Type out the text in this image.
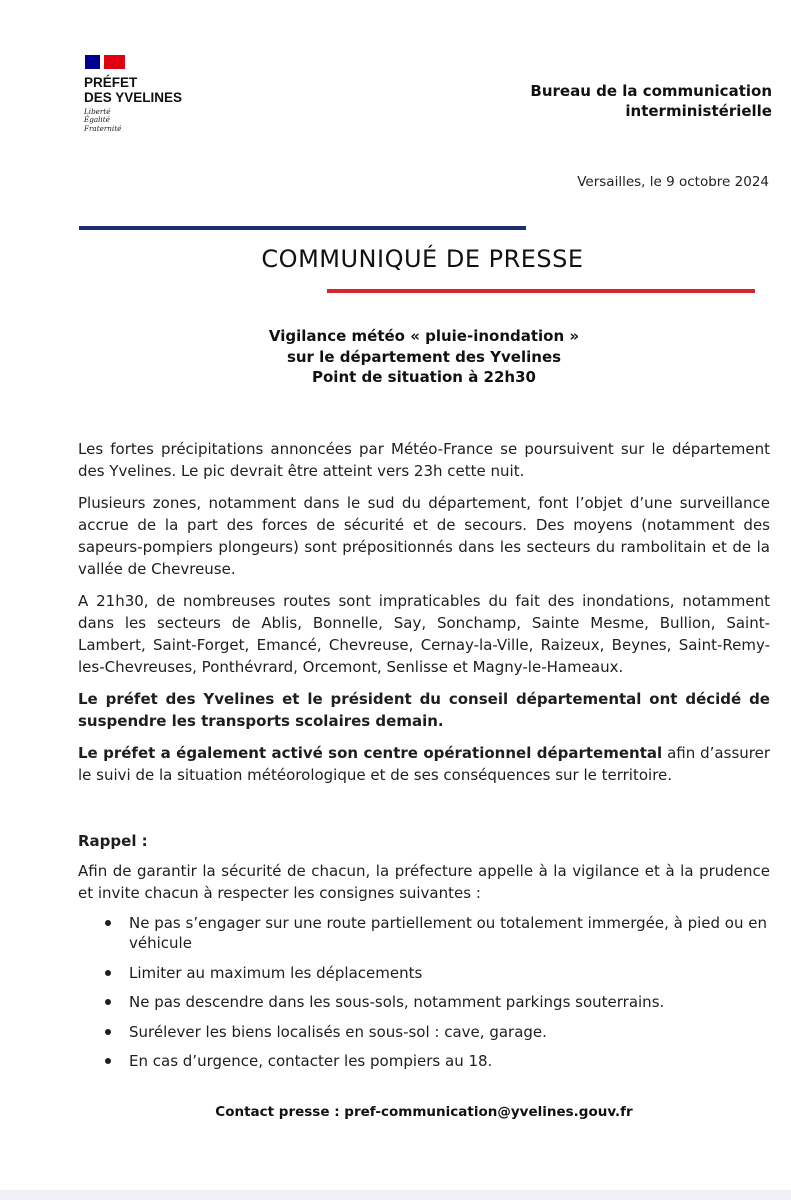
PRÉFET
DES YVELINES
Liberté
Égalité
Fraternité
Bureau de la communication
interministérielle
Versailles, le 9 octobre 2024
COMMUNIQUÉ DE PRESSE
Vigilance météo « pluie-inondation »
sur le département des Yvelines
Point de situation à 22h30

Les fortes précipitations annoncées par Météo-France se poursuivent sur le département des Yvelines. Le pic devrait être atteint vers 23h cette nuit.

Plusieurs zones, notamment dans le sud du département, font l’objet d’une surveillance accrue de la part des forces de sécurité et de secours. Des moyens (notamment des sapeurs-pompiers plongeurs) sont prépositionnés dans les secteurs du rambolitain et de la vallée de Chevreuse.

A 21h30, de nombreuses routes sont impraticables du fait des inondations, notamment dans les secteurs de Ablis, Bonnelle, Say, Sonchamp, Sainte Mesme, Bullion, Saint-Lambert, Saint-Forget, Emancé, Chevreuse, Cernay-la-Ville, Raizeux, Beynes, Saint-Remy-les-Chevreuses, Ponthévrard, Orcemont, Senlisse et Magny-le-Hameaux.

Le préfet des Yvelines et le président du conseil départemental ont décidé de suspendre les transports scolaires demain.

Le préfet a également activé son centre opérationnel départemental afin d’assurer le suivi de la situation météorologique et de ses conséquences sur le territoire.

Rappel :

Afin de garantir la sécurité de chacun, la préfecture appelle à la vigilance et à la prudence et invite chacun à respecter les consignes suivantes :

Ne pas s’engager sur une route partiellement ou totalement immergée, à pied ou en véhicule
Limiter au maximum les déplacements
Ne pas descendre dans les sous-sols, notamment parkings souterrains.
Surélever les biens localisés en sous-sol : cave, garage.
En cas d’urgence, contacter les pompiers au 18.
Contact presse : pref-communication@yvelines.gouv.fr
